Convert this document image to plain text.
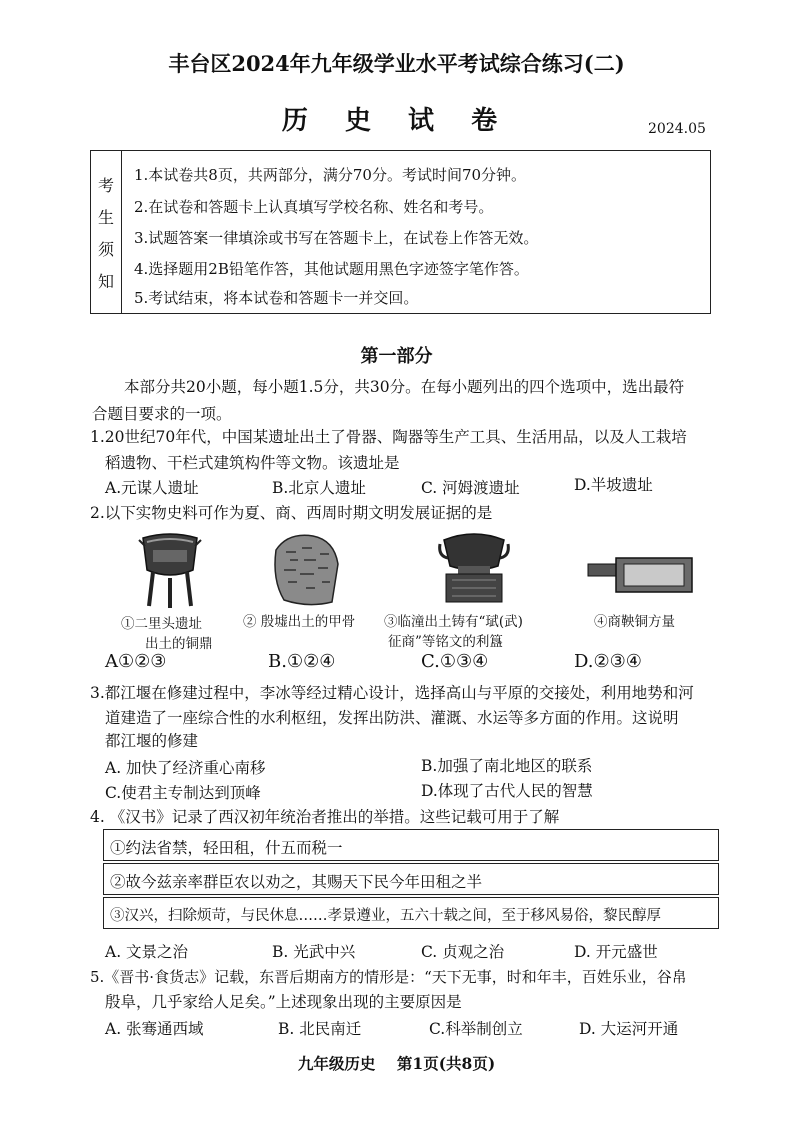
丰台区2024年九年级学业水平考试综合练习(二)
历 史 试 卷	2024.05
考
生
须
知
1.本试卷共8页，共两部分，满分70分。考试时间70分钟。
2.在试卷和答题卡上认真填写学校名称、姓名和考号。
3.试题答案一律填涂或书写在答题卡上，在试卷上作答无效。
4.选择题用2B铅笔作答，其他试题用黑色字迹签字笔作答。
5.考试结束，将本试卷和答题卡一并交回。
第一部分
本部分共20小题，每小题1.5分，共30分。在每小题列出的四个选项中，选出最符
合题目要求的一项。
1.20世纪70年代，中国某遗址出土了骨器、陶器等生产工具、生活用品，以及人工栽培
稻遗物、干栏式建筑构件等文物。该遗址是
A.元谋人遗址	B.北京人遗址	C. 河姆渡遗址	D.半坡遗址
2.以下实物史料可作为夏、商、西周时期文明发展证据的是
①二里头遗址
出土的铜鼎
② 殷墟出土的甲骨 ③临潼出土铸有“珷(武)
征商”等铭文的利簋
④商鞅铜方量
A①②③	B.①②④	C.①③④	D.②③④
3.都江堰在修建过程中，李冰等经过精心设计，选择高山与平原的交接处，利用地势和河
道建造了一座综合性的水利枢纽，发挥出防洪、灌溉、水运等多方面的作用。这说明
都江堰的修建
A. 加快了经济重心南移	B.加强了南北地区的联系
C.使君主专制达到顶峰	D.体现了古代人民的智慧
4. 《汉书》记录了西汉初年统治者推出的举措。这些记载可用于了解
①约法省禁，轻田租，什五而税一
②故今兹亲率群臣农以劝之，其赐天下民今年田租之半
③汉兴，扫除烦苛，与民休息……孝景遵业，五六十载之间，至于移风易俗，黎民醇厚
A. 文景之治	B. 光武中兴	C. 贞观之治	D. 开元盛世
5.《晋书·食货志》记载，东晋后期南方的情形是：“天下无事，时和年丰，百姓乐业，谷帛
殷阜，几乎家给人足矣。”上述现象出现的主要原因是
A. 张骞通西域	B. 北民南迁	C.科举制创立	D. 大运河开通
九年级历史    第1页(共8页)
